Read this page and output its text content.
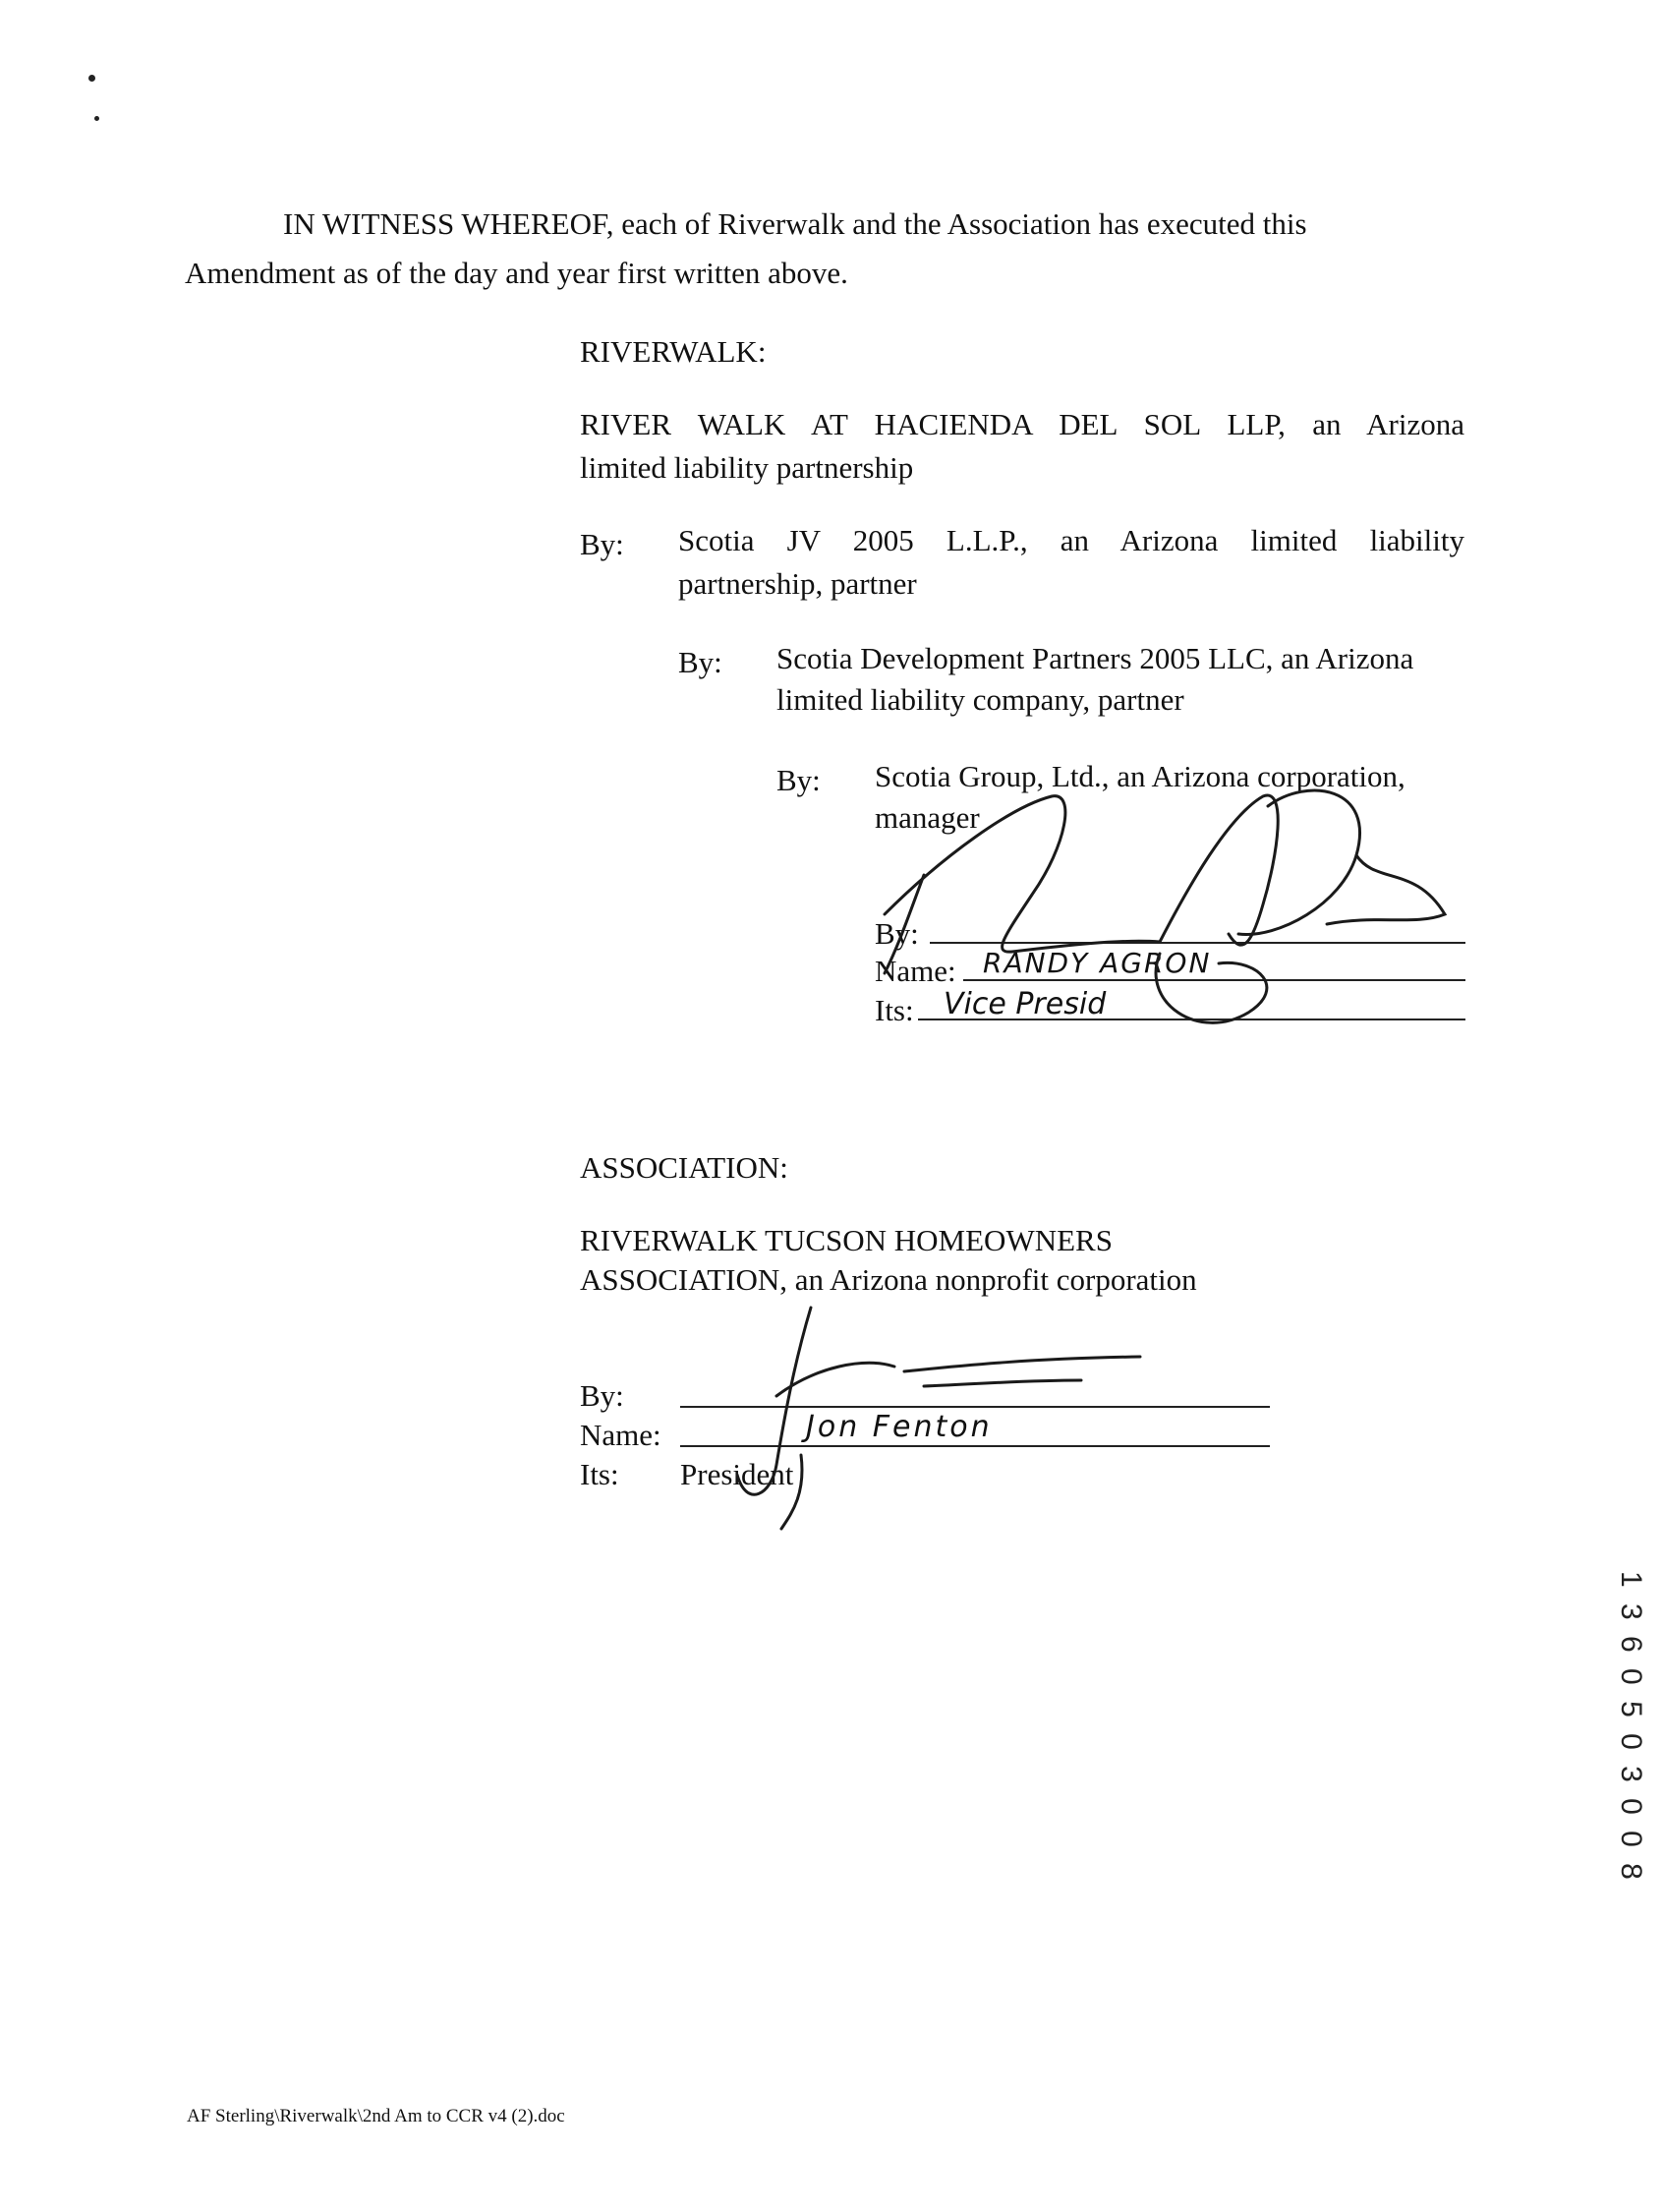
IN WITNESS WHEREOF, each of Riverwalk and the Association has executed this
Amendment as of the day and year first written above.
RIVERWALK:
RIVER WALK AT HACIENDA DEL SOL LLP, an Arizona
limited liability partnership
By: Scotia JV 2005 L.L.P., an Arizona limited liability
partnership, partner
By: Scotia Development Partners 2005 LLC, an Arizona
limited liability company, partner
By: Scotia Group, Ltd., an Arizona corporation,
manager
By:
Name: RANDY AGRON
Its: Vice Presid
ASSOCIATION:
RIVERWALK TUCSON HOMEOWNERS
ASSOCIATION, an Arizona nonprofit corporation
By:
Name:	Jon Fenton
Its: President
1 3 6 0 5 0 3 0 0 8
AF Sterling\Riverwalk\2nd Am to CCR v4 (2).doc
